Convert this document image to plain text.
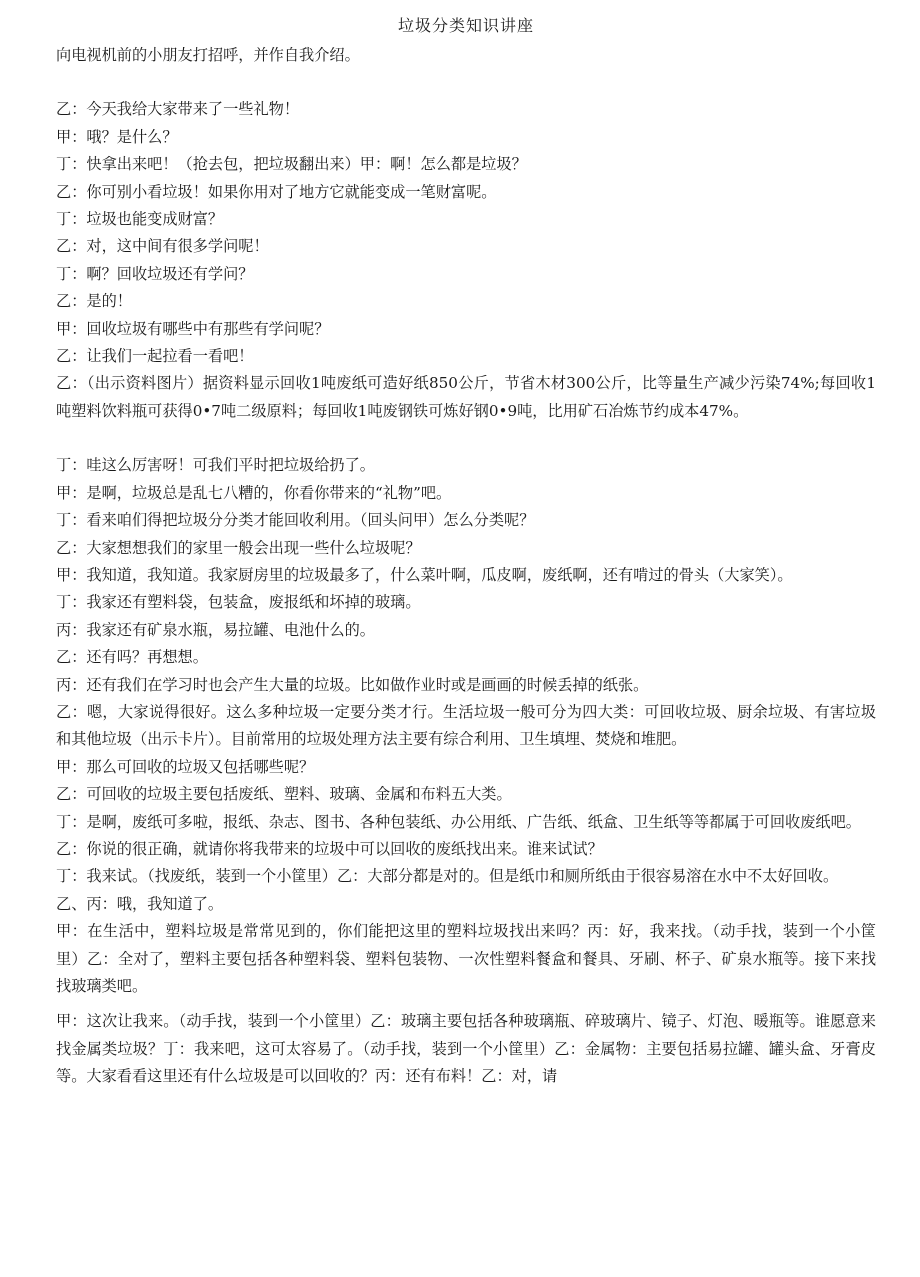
垃圾分类知识讲座

向电视机前的小朋友打招呼，并作自我介绍。

乙：今天我给大家带来了一些礼物！

甲：哦？是什么？

丁：快拿出来吧！（抢去包，把垃圾翻出来）甲：啊！怎么都是垃圾？

乙：你可别小看垃圾！如果你用对了地方它就能变成一笔财富呢。

丁：垃圾也能变成财富？

乙：对，这中间有很多学问呢！

丁：啊？回收垃圾还有学问？

乙：是的！

甲：回收垃圾有哪些中有那些有学问呢？

乙：让我们一起拉看一看吧！

乙：（出示资料图片）据资料显示回收1吨废纸可造好纸850公斤，节省木材300公斤，比等量生产减少污染74%;每回收1吨塑料饮料瓶可获得0•7吨二级原料；每回收1吨废钢铁可炼好钢0•9吨，比用矿石冶炼节约成本47%。

丁：哇这么厉害呀！可我们平时把垃圾给扔了。

甲：是啊，垃圾总是乱七八糟的，你看你带来的“礼物”吧。

丁：看来咱们得把垃圾分分类才能回收利用。（回头问甲）怎么分类呢？

乙：大家想想我们的家里一般会出现一些什么垃圾呢？

甲：我知道，我知道。我家厨房里的垃圾最多了，什么菜叶啊，瓜皮啊，废纸啊，还有啃过的骨头（大家笑）。

丁：我家还有塑料袋，包装盒，废报纸和坏掉的玻璃。

丙：我家还有矿泉水瓶，易拉罐、电池什么的。

乙：还有吗？再想想。

丙：还有我们在学习时也会产生大量的垃圾。比如做作业时或是画画的时候丢掉的纸张。

乙：嗯，大家说得很好。这么多种垃圾一定要分类才行。生活垃圾一般可分为四大类：可回收垃圾、厨余垃圾、有害垃圾和其他垃圾（出示卡片）。目前常用的垃圾处理方法主要有综合利用、卫生填埋、焚烧和堆肥。

甲：那么可回收的垃圾又包括哪些呢？

乙：可回收的垃圾主要包括废纸、塑料、玻璃、金属和布料五大类。

丁：是啊，废纸可多啦，报纸、杂志、图书、各种包装纸、办公用纸、广告纸、纸盒、卫生纸等等都属于可回收废纸吧。

乙：你说的很正确，就请你将我带来的垃圾中可以回收的废纸找出来。谁来试试？

丁：我来试。（找废纸，装到一个小筐里）乙：大部分都是对的。但是纸巾和厕所纸由于很容易溶在水中不太好回收。

乙、丙：哦，我知道了。

甲：在生活中，塑料垃圾是常常见到的，你们能把这里的塑料垃圾找出来吗？丙：好，我来找。（动手找，装到一个小筐里）乙：全对了，塑料主要包括各种塑料袋、塑料包装物、一次性塑料餐盒和餐具、牙刷、杯子、矿泉水瓶等。接下来找找玻璃类吧。

甲：这次让我来。（动手找，装到一个小筐里）乙：玻璃主要包括各种玻璃瓶、碎玻璃片、镜子、灯泡、暖瓶等。谁愿意来找金属类垃圾？丁：我来吧，这可太容易了。（动手找，装到一个小筐里）乙：金属物：主要包括易拉罐、罐头盒、牙膏皮等。大家看看这里还有什么垃圾是可以回收的？丙：还有布料！乙：对，请
